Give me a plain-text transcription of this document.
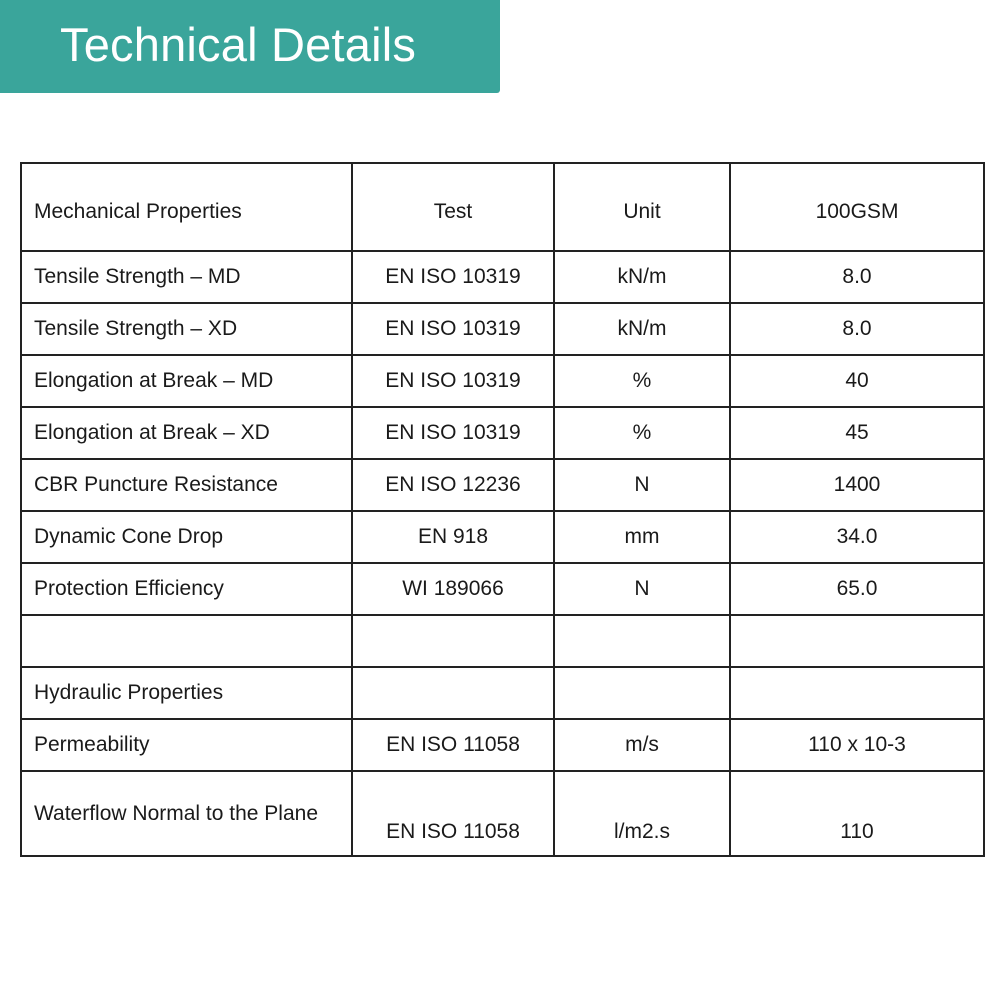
Technical Details
Mechanical Properties	Test	Unit	100GSM
Tensile Strength – MD	EN ISO 10319	kN/m	8.0
Tensile Strength – XD	EN ISO 10319	kN/m	8.0
Elongation at Break – MD	EN ISO 10319	%	40
Elongation at Break – XD	EN ISO 10319	%	45
CBR Puncture Resistance	EN ISO 12236	N	1400
Dynamic Cone Drop	EN 918	mm	34.0
Protection Efficiency	WI 189066	N	65.0

Hydraulic Properties			
Permeability	EN ISO 11058	m/s	110 x 10-3
Waterflow Normal to the Plane	EN ISO 11058	l/m2.s	110
